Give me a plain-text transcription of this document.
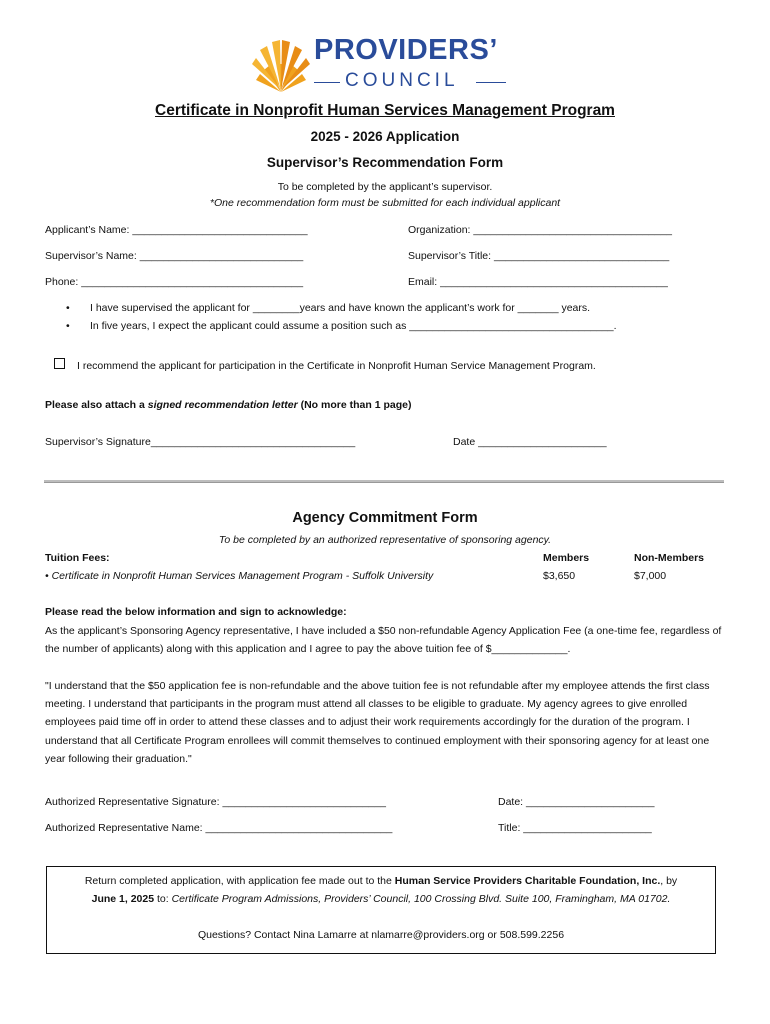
PROVIDERS’
COUNCIL
Certificate in Nonprofit Human Services Management Program
2025 - 2026 Application
Supervisor’s Recommendation Form
To be completed by the applicant’s supervisor.
*One recommendation form must be submitted for each individual applicant
Applicant’s Name: ______________________________	Organization: __________________________________
Supervisor’s Name: ____________________________	Supervisor’s Title: ______________________________
Phone: ______________________________________	Email: _______________________________________
• I have supervised the applicant for ________years and have known the applicant’s work for _______ years.
• In five years, I expect the applicant could assume a position such as ___________________________________.
I recommend the applicant for participation in the Certificate in Nonprofit Human Service Management Program.
Please also attach a signed recommendation letter (No more than 1 page)
Supervisor’s Signature___________________________________	Date ______________________
Agency Commitment Form
To be completed by an authorized representative of sponsoring agency.
Tuition Fees:	Members	Non-Members
• Certificate in Nonprofit Human Services Management Program - Suffolk University	$3,650	$7,000
Please read the below information and sign to acknowledge:
As the applicant’s Sponsoring Agency representative, I have included a $50 non-refundable Agency Application Fee (a one-time fee, regardless of the number of applicants) along with this application and I agree to pay the above tuition fee of $_____________.
"I understand that the $50 application fee is non-refundable and the above tuition fee is not refundable after my employee attends the first class meeting. I understand that participants in the program must attend all classes to be eligible to graduate. My agency agrees to give enrolled employees paid time off in order to attend these classes and to adjust their work requirements accordingly for the duration of the program. I understand that all Certificate Program enrollees will commit themselves to continued employment with their sponsoring agency for at least one year following their graduation."
Authorized Representative Signature: ____________________________	Date: ______________________
Authorized Representative Name: ________________________________	Title: ______________________
Return completed application, with application fee made out to the Human Service Providers Charitable Foundation, Inc., by
June 1, 2025 to: Certificate Program Admissions, Providers’ Council, 100 Crossing Blvd. Suite 100, Framingham, MA 01702.
Questions? Contact Nina Lamarre at nlamarre@providers.org or 508.599.2256
